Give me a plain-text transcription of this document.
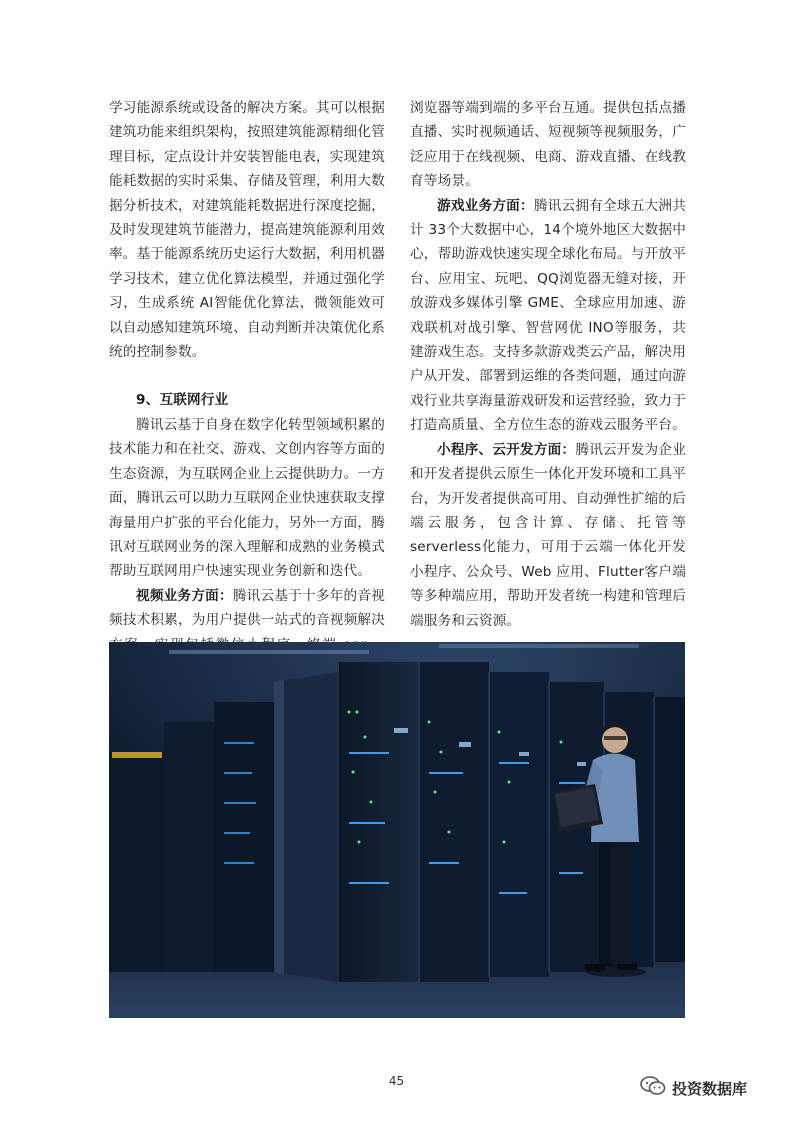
学习能源系统或设备的解决方案。其可以根据建筑功能来组织架构，按照建筑能源精细化管理目标，定点设计并安装智能电表，实现建筑能耗数据的实时采集、存储及管理，利用大数据分析技术，对建筑能耗数据进行深度挖掘，及时发现建筑节能潜力，提高建筑能源利用效率。基于能源系统历史运行大数据，利用机器学习技术，建立优化算法模型，并通过强化学习，生成系统 AI智能优化算法，微领能效可以自动感知建筑环境、自动判断并决策优化系统的控制参数。

9、互联网行业

腾讯云基于自身在数字化转型领域积累的技术能力和在社交、游戏、文创内容等方面的生态资源，为互联网企业上云提供助力。一方面，腾讯云可以助力互联网企业快速获取支撑海量用户扩张的平台化能力，另外一方面，腾讯对互联网业务的深入理解和成熟的业务模式帮助互联网用户快速实现业务创新和迭代。

视频业务方面：腾讯云基于十多年的音视频技术积累，为用户提供一站式的音视频解决

浏览器等端到端的多平台互通。提供包括点播直播、实时视频通话、短视频等视频服务，广泛应用于在线视频、电商、游戏直播、在线教育等场景。

游戏业务方面：腾讯云拥有全球五大洲共计 33个大数据中心，14个境外地区大数据中心，帮助游戏快速实现全球化布局。与开放平台、应用宝、玩吧、QQ浏览器无缝对接，开放游戏多媒体引擎 GME、全球应用加速、游戏联机对战引擎、智营网优 INO等服务，共建游戏生态。支持多款游戏类云产品，解决用户从开发、部署到运维的各类问题，通过向游戏行业共享海量游戏研发和运营经验，致力于打造高质量、全方位生态的游戏云服务平台。

小程序、云开发方面：腾讯云开发为企业和开发者提供云原生一体化开发环境和工具平台，为开发者提供高可用、自动弹性扩缩的后端云服务，包含计算、存储、托管等 serverless化能力，可用于云端一体化开发小程序、公众号、Web 应用、Flutter客户端等多种端应用，帮助开发者统一构建和管理后端服务和云资源。

45	投资数据库
